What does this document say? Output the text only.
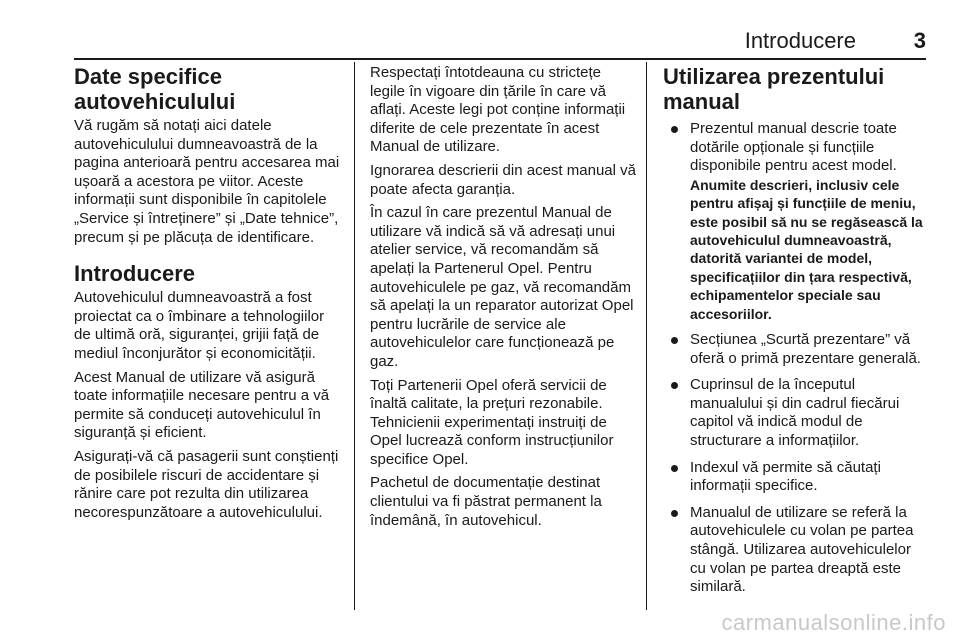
Introducere	3
Date specifice autovehiculului

Vă rugăm să notați aici datele autovehiculului dumneavoastră de la pagina anterioară pentru accesarea mai ușoară a acestora pe viitor. Aceste informații sunt disponibile în capitolele „Service și întreținere” și „Date tehnice”, precum și pe plăcuța de identificare.

Introducere

Autovehiculul dumneavoastră a fost proiectat ca o îmbinare a tehnologiilor de ultimă oră, siguranței, grijii față de mediul înconjurător și economicității.

Acest Manual de utilizare vă asigură toate informațiile necesare pentru a vă permite să conduceți autovehiculul în siguranță și eficient.

Asigurați-vă că pasagerii sunt conștienți de posibilele riscuri de accidentare și rănire care pot rezulta din utilizarea necorespunzătoare a autovehiculului.

Respectați întotdeauna cu strictețe legile în vigoare din țările în care vă aflați. Aceste legi pot conține informații diferite de cele prezentate în acest Manual de utilizare.

Ignorarea descrierii din acest manual vă poate afecta garanția.

În cazul în care prezentul Manual de utilizare vă indică să vă adresați unui atelier service, vă recomandăm să apelați la Partenerul Opel. Pentru autovehiculele pe gaz, vă recomandăm să apelați la un reparator autorizat Opel pentru lucrările de service ale autovehiculelor care funcționează pe gaz.

Toți Partenerii Opel oferă servicii de înaltă calitate, la prețuri rezonabile. Tehnicienii experimentați instruiți de Opel lucrează conform instrucțiunilor specifice Opel.

Pachetul de documentație destinat clientului va fi păstrat permanent la îndemână, în autovehicul.

Utilizarea prezentului manual
Prezentul manual descrie toate dotările opționale și funcțiile disponibile pentru acest model.
Anumite descrieri, inclusiv cele pentru afișaj și funcțiile de meniu, este posibil să nu se regăsească la autovehiculul dumneavoastră, datorită variantei de model, specificațiilor din țara respectivă, echipamentelor speciale sau accesoriilor.
Secțiunea „Scurtă prezentare” vă oferă o primă prezentare generală.
Cuprinsul de la începutul manualului și din cadrul fiecărui capitol vă indică modul de structurare a informațiilor.
Indexul vă permite să căutați informații specifice.
Manualul de utilizare se referă la autovehiculele cu volan pe partea stângă. Utilizarea autovehiculelor cu volan pe partea dreaptă este similară.
carmanualsonline.info
